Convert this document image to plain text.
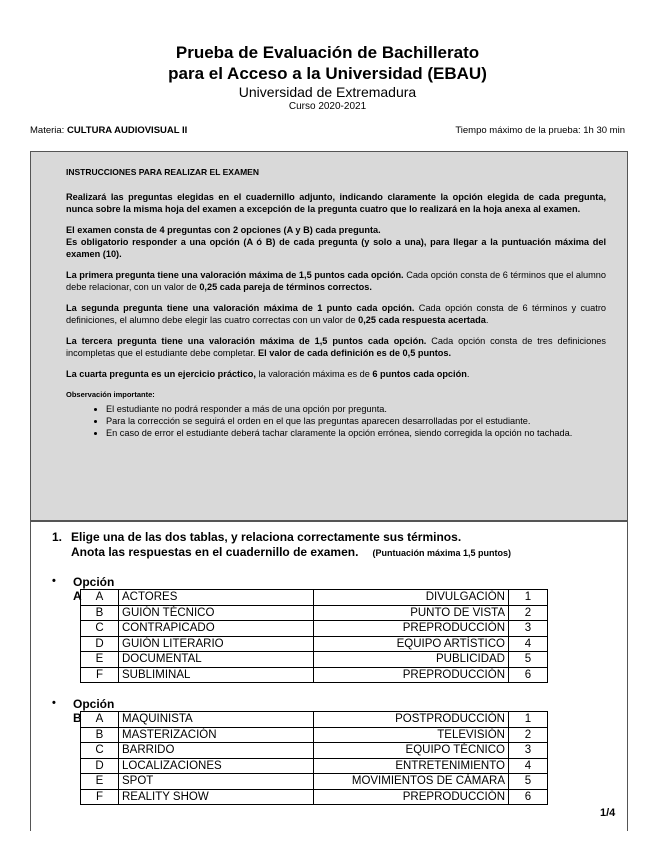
Prueba de Evaluación de Bachillerato
para el Acceso a la Universidad (EBAU)
Universidad de Extremadura
Curso 2020-2021
Materia: CULTURA AUDIOVISUAL II	Tiempo máximo de la prueba: 1h 30 min

INSTRUCCIONES PARA REALIZAR EL EXAMEN

Realizará las preguntas elegidas en el cuadernillo adjunto, indicando claramente la opción elegida de cada pregunta, nunca sobre la misma hoja del examen a excepción de la pregunta cuatro que lo realizará en la hoja anexa al examen.

El examen consta de 4 preguntas con 2 opciones (A y B) cada pregunta.
Es obligatorio responder a una opción (A ó B) de cada pregunta (y solo a una), para llegar a la puntuación máxima del examen (10).

La primera pregunta tiene una valoración máxima de 1,5 puntos cada opción. Cada opción consta de 6 términos que el alumno debe relacionar, con un valor de 0,25 cada pareja de términos correctos.

La segunda pregunta tiene una valoración máxima de 1 punto cada opción. Cada opción consta de 6 términos y cuatro definiciones, el alumno debe elegir las cuatro correctas con un valor de 0,25 cada respuesta acertada.

La tercera pregunta tiene una valoración máxima de 1,5 puntos cada opción. Cada opción consta de tres definiciones incompletas que el estudiante debe completar. El valor de cada definición es de 0,5 puntos.

La cuarta pregunta es un ejercicio práctico, la valoración máxima es de 6 puntos cada opción.

Observación importante:

• El estudiante no podrá responder a más de una opción por pregunta.
• Para la corrección se seguirá el orden en el que las preguntas aparecen desarrolladas por el estudiante.
• En caso de error el estudiante deberá tachar claramente la opción errónea, siendo corregida la opción no tachada.
1. Elige una de las dos tablas, y relaciona correctamente sus términos.
Anota las respuestas en el cuadernillo de examen. (Puntuación máxima 1,5 puntos)
• Opción A	A	ACTORES	DIVULGACIÓN	1
B	GUIÓN TÉCNICO	PUNTO DE VISTA	2
C	CONTRAPICADO	PREPRODUCCIÓN	3
D	GUIÓN LITERARIO	EQUIPO ARTÍSTICO	4
E	DOCUMENTAL	PUBLICIDAD	5
F	SUBLIMINAL	PREPRODUCCIÓN	6
• Opción B	A	MAQUINISTA	POSTPRODUCCIÓN	1
B	MASTERIZACIÓN	TELEVISIÓN	2
C	BARRIDO	EQUIPO TÉCNICO	3
D	LOCALIZACIONES	ENTRETENIMIENTO	4
E	SPOT	MOVIMIENTOS DE CÁMARA	5
F	REALITY SHOW	PREPRODUCCIÓN	6
1/4
